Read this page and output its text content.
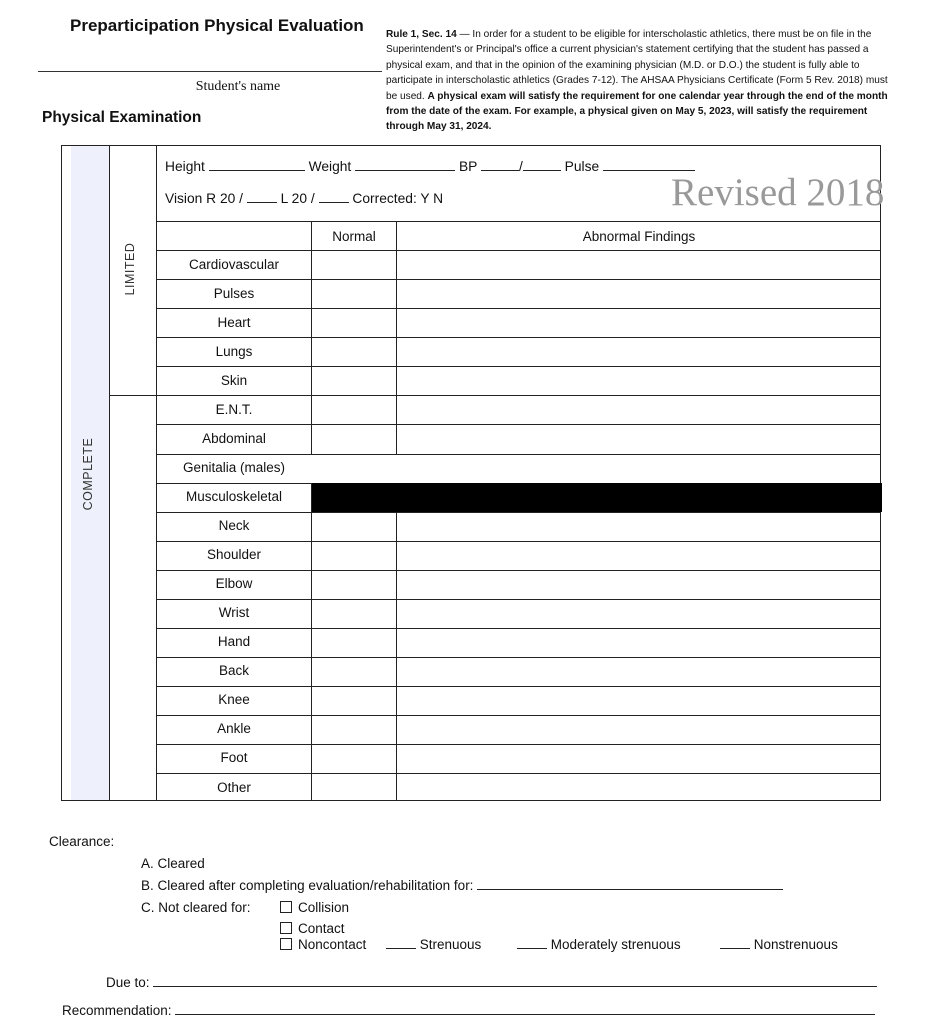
Preparticipation Physical Evaluation
Student's name
Physical Examination
Rule 1, Sec. 14 — In order for a student to be eligible for interscholastic athletics, there must be on file in the Superintendent's or Principal's office a current physician's statement certifying that the student has passed a physical exam, and that in the opinion of the examining physician (M.D. or D.O.) the student is fully able to participate in interscholastic athletics (Grades 7-12). The AHSAA Physicians Certificate (Form 5 Rev. 2018) must be used. A physical exam will satisfy the requirement for one calendar year through the end of the month from the date of the exam. For example, a physical given on May 5, 2023, will satisfy the requirement through May 31, 2024.
LIMITED
COMPLETE
Height	Weight	BP	/	Pulse
Vision R 20 /	L 20 /	Corrected: Y N	Revised 2018
Normal	Abnormal Findings
Cardiovascular
Pulses
Heart
Lungs
Skin
E.N.T.
Abdominal
Genitalia (males)
Musculoskeletal
Neck
Shoulder
Elbow
Wrist
Hand
Back
Knee
Ankle
Foot
Other
Clearance:
A. Cleared
B. Cleared after completing evaluation/rehabilitation for:
C. Not cleared for:	Collision
Contact
Noncontact	Strenuous	Moderately strenuous	Nonstrenuous
Due to:
Recommendation:
